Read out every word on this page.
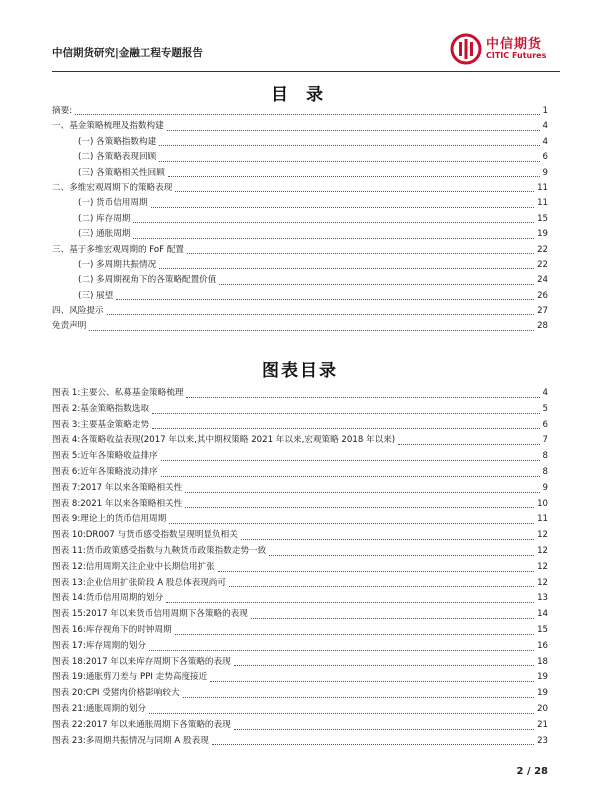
中信期货研究|金融工程专题报告
中信期货
CITIC Futures
目 录
摘要:	1
一、基金策略梳理及指数构建	4
(一) 各策略指数构建	4
(二) 各策略表现回顾	6
(三) 各策略相关性回顾	9
二、多维宏观周期下的策略表现	11
(一) 货币信用周期	11
(二) 库存周期	15
(三) 通胀周期	19
三、基于多维宏观周期的 FoF 配置	22
(一) 多周期共振情况	22
(二) 多周期视角下的各策略配置价值	24
(三) 展望	26
四、风险提示	27
免责声明	28
图表目录
图表 1:主要公、私募基金策略梳理	4
图表 2:基金策略指数选取	5
图表 3:主要基金策略走势	6
图表 4:各策略收益表现(2017 年以来,其中期权策略 2021 年以来,宏观策略 2018 年以来)	7
图表 5:近年各策略收益排序	8
图表 6:近年各策略波动排序	8
图表 7:2017 年以来各策略相关性	9
图表 8:2021 年以来各策略相关性	10
图表 9:理论上的货币信用周期	11
图表 10:DR007 与货币感受指数呈现明显负相关	12
图表 11:货币政策感受指数与九鞅货币政策指数走势一致	12
图表 12:信用周期关注企业中长期信用扩张	12
图表 13:企业信用扩张阶段 A 股总体表现尚可	12
图表 14:货币信用周期的划分	13
图表 15:2017 年以来货币信用周期下各策略的表现	14
图表 16:库存视角下的时钟周期	15
图表 17:库存周期的划分	16
图表 18:2017 年以来库存周期下各策略的表现	18
图表 19:通胀剪刀差与 PPI 走势高度接近	19
图表 20:CPI 受猪肉价格影响较大	19
图表 21:通胀周期的划分	20
图表 22:2017 年以来通胀周期下各策略的表现	21
图表 23:多周期共振情况与同期 A 股表现	23
2 / 28
